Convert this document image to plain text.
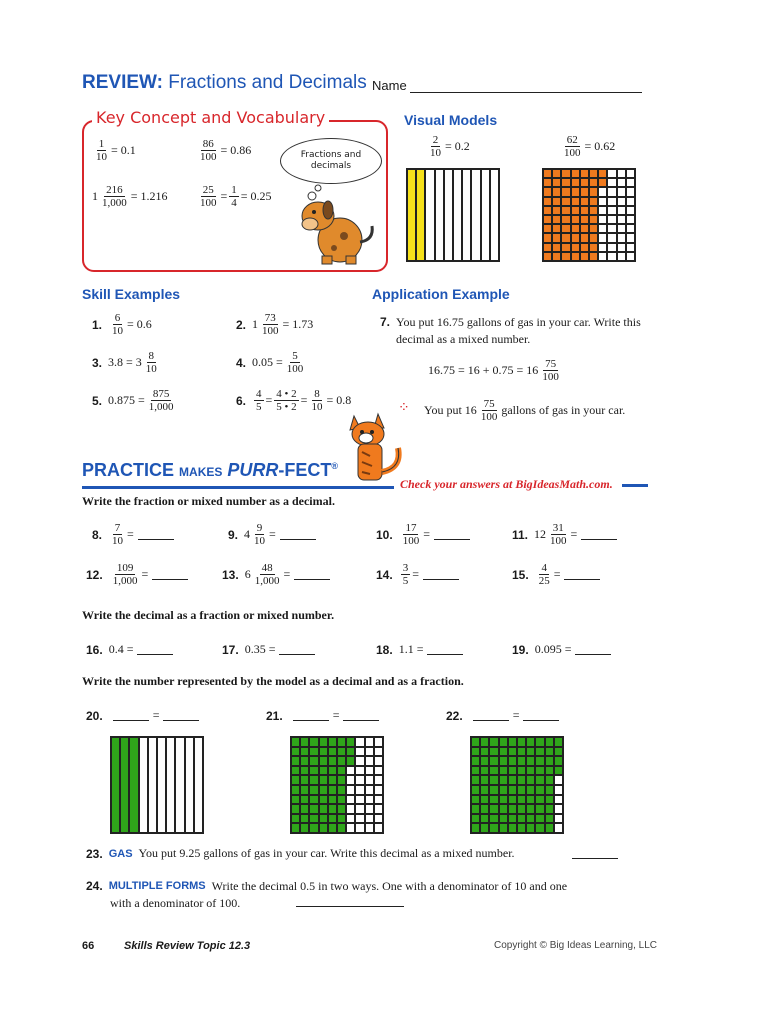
REVIEW: Fractions and Decimals Name
Key Concept and Vocabulary
$\frac{1}{10} = 0.1$	$\frac{86}{100} = 0.86$
$1 \frac{216}{1,000} = 1.216$	$\frac{25}{100} = \frac{1}{4} = 0.25$
Fractions and decimals
Visual Models
$\frac{2}{10} = 0.2$	$\frac{62}{100} = 0.62$
Skill Examples
1. $\frac{6}{10} = 0.6$	2. $1 \frac{73}{100} = 1.73$
3. $3.8 = 3 \frac{8}{10}$	4. $0.05 = \frac{5}{100}$
5. $0.875 = \frac{875}{1,000}$	6. $\frac{4}{5} = \frac{4 • 2}{5 • 2} = \frac{8}{10} = 0.8$
Application Example
7. You put 16.75 gallons of gas in your car. Write this decimal as a mixed number.
$16.75 = 16 + 0.75 = 16 \frac{75}{100}$
⁘ You put $16 \frac{75}{100}$ gallons of gas in your car.
PRACTICE MAKES PURR-FECT®
Check your answers at BigIdeasMath.com.
Write the fraction or mixed number as a decimal.
8. $\frac{7}{10}$ =	9. $4 \frac{9}{10}$ =	10. $\frac{17}{100}$ =	11. $12 \frac{31}{100}$ =
12. $\frac{109}{1,000}$ =	13. $6 \frac{48}{1,000}$ =	14. $\frac{3}{5}$ =	15. $\frac{4}{25}$ =
Write the decimal as a fraction or mixed number.
16. 0.4 =	17. 0.35 =	18. 1.1 =	19. 0.095 =
Write the number represented by the model as a decimal and as a fraction.
20.	=	21.	=	22.	=
23. GAS You put 9.25 gallons of gas in your car. Write this decimal as a mixed number.
24. MULTIPLE FORMS Write the decimal 0.5 in two ways. One with a denominator of 10 and one
with a denominator of 100.
66	Skills Review Topic 12.3	Copyright © Big Ideas Learning, LLC
